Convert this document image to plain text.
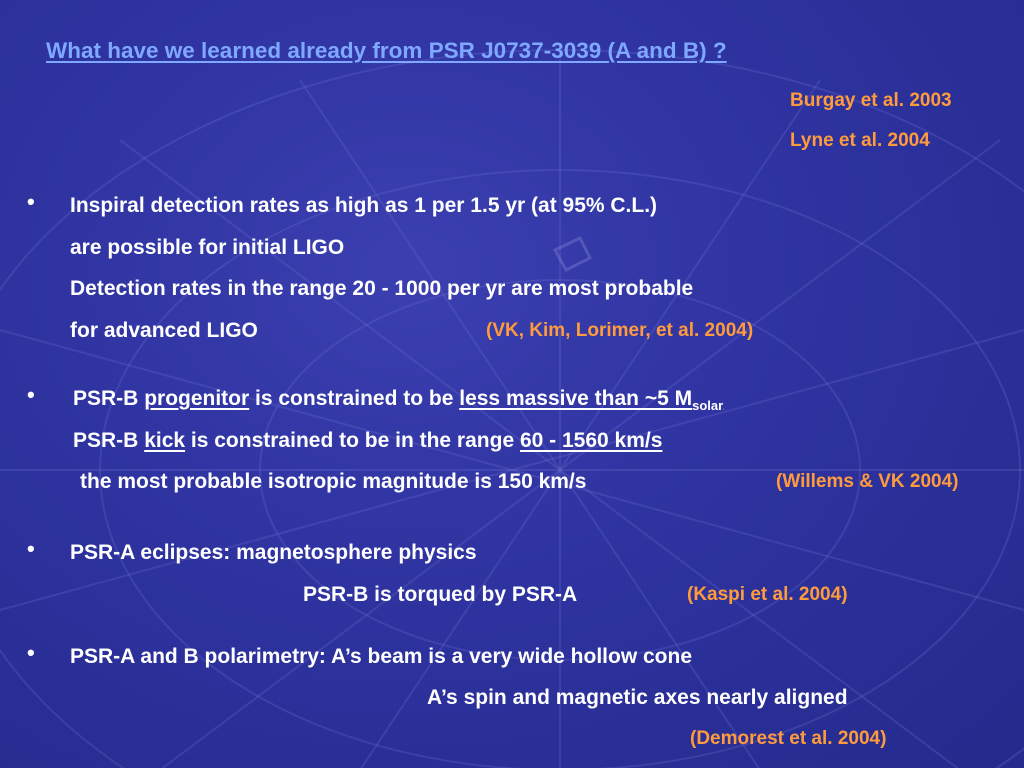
What have we learned already from PSR J0737-3039 (A and B) ?
Burgay et al. 2003
Lyne et al. 2004
• Inspiral detection rates as high as 1 per 1.5 yr (at 95% C.L.)
are possible for initial LIGO
Detection rates in the range 20 - 1000 per yr are most probable
for advanced LIGO	(VK, Kim, Lorimer, et al. 2004)
• PSR-B progenitor is constrained to be less massive than ~5 $M_{solar}$
PSR-B kick is constrained to be in the range 60 - 1560 km/s
the most probable isotropic magnitude is 150 km/s	(Willems & VK 2004)
• PSR-A eclipses: magnetosphere physics
PSR-B is torqued by PSR-A	(Kaspi et al. 2004)
• PSR-A and B polarimetry: A’s beam is a very wide hollow cone
A’s spin and magnetic axes nearly aligned
(Demorest et al. 2004)
